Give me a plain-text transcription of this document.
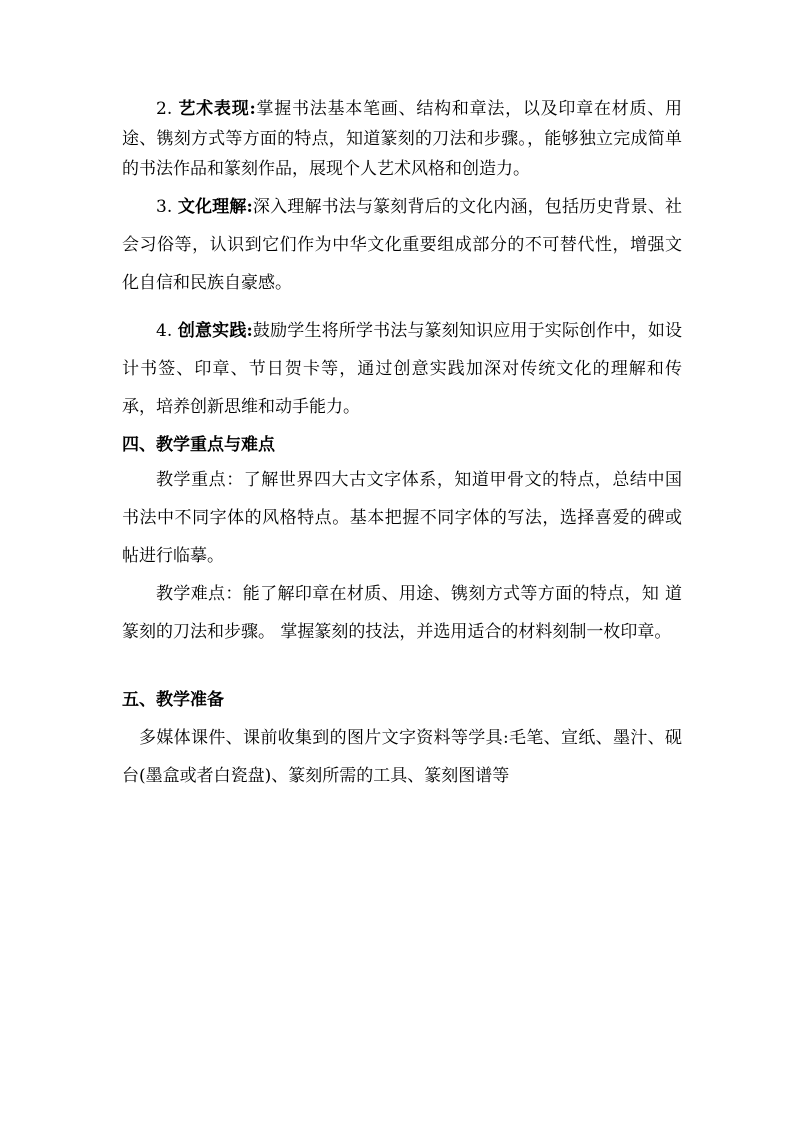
2. 艺术表现:掌握书法基本笔画、结构和章法，以及印章在材质、用途、镌刻方式等方面的特点，知道篆刻的刀法和步骤。，能够独立完成简单的书法作品和篆刻作品，展现个人艺术风格和创造力。

3. 文化理解:深入理解书法与篆刻背后的文化内涵，包括历史背景、社会习俗等，认识到它们作为中华文化重要组成部分的不可替代性，增强文化自信和民族自豪感。

4. 创意实践:鼓励学生将所学书法与篆刻知识应用于实际创作中，如设计书签、印章、节日贺卡等，通过创意实践加深对传统文化的理解和传承，培养创新思维和动手能力。

四、教学重点与难点

教学重点：了解世界四大古文字体系，知道甲骨文的特点，总结中国书法中不同字体的风格特点。基本把握不同字体的写法，选择喜爱的碑或帖进行临摹。

教学难点：能了解印章在材质、用途、镌刻方式等方面的特点，知 道篆刻的刀法和步骤。 掌握篆刻的技法，并选用适合的材料刻制一枚印章。

五、教学准备

多媒体课件、课前收集到的图片文字资料等学具:毛笔、宣纸、墨汁、砚台(墨盒或者白瓷盘)、篆刻所需的工具、篆刻图谱等
